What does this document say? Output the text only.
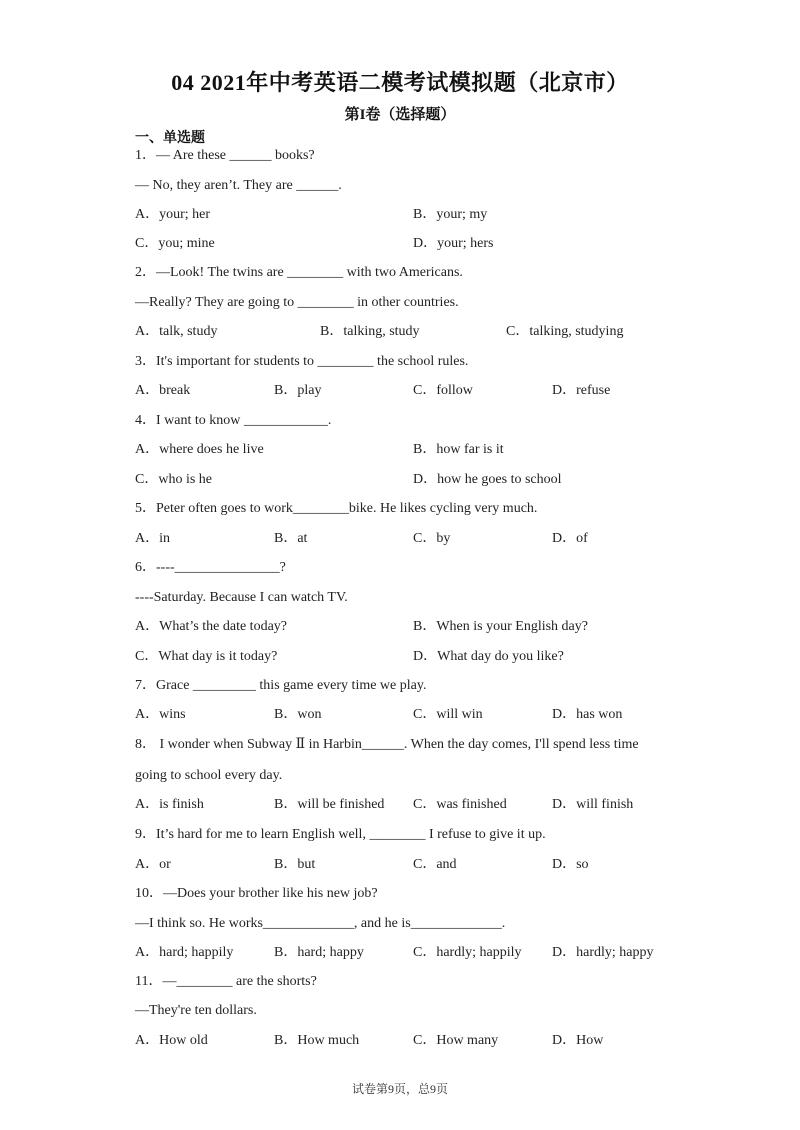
04 2021年中考英语二模考试模拟题（北京市）
第I卷（选择题）
一、单选题
1．— Are these ______ books?
— No, they aren’t. They are ______.
A．your; her	B．your; my
C．you; mine	D．your; hers
2．—Look! The twins are ________ with two Americans.
—Really? They are going to ________ in other countries.
A．talk, study	B．talking, study	C．talking, studying
3．It's important for students to ________ the school rules.
A．break	B．play	C．follow	D．refuse
4．I want to know ____________.
A．where does he live	B．how far is it
C．who is he	D．how he goes to school
5．Peter often goes to work________bike. He likes cycling very much.
A．in	B．at	C．by	D．of
6．----_______________?
----Saturday. Because I can watch TV.
A．What’s the date today?	B．When is your English day?
C．What day is it today?	D．What day do you like?
7．Grace _________ this game every time we play.
A．wins	B．won	C．will win	D．has won
8． I wonder when Subway Ⅱ in Harbin______. When the day comes, I'll spend less time
going to school every day.
A．is finish	B．will be finished C．was finished	D．will finish
9．It’s hard for me to learn English well, ________ I refuse to give it up.
A．or	B．but	C．and	D．so
10．—Does your brother like his new job?
—I think so. He works_____________, and he is_____________.
A．hard; happily	B．hard; happy	C．hardly; happily D．hardly; happy
11．—________ are the shorts?
—They're ten dollars.
A．How old	B．How much	C．How many	D．How
试卷第9页，总9页
